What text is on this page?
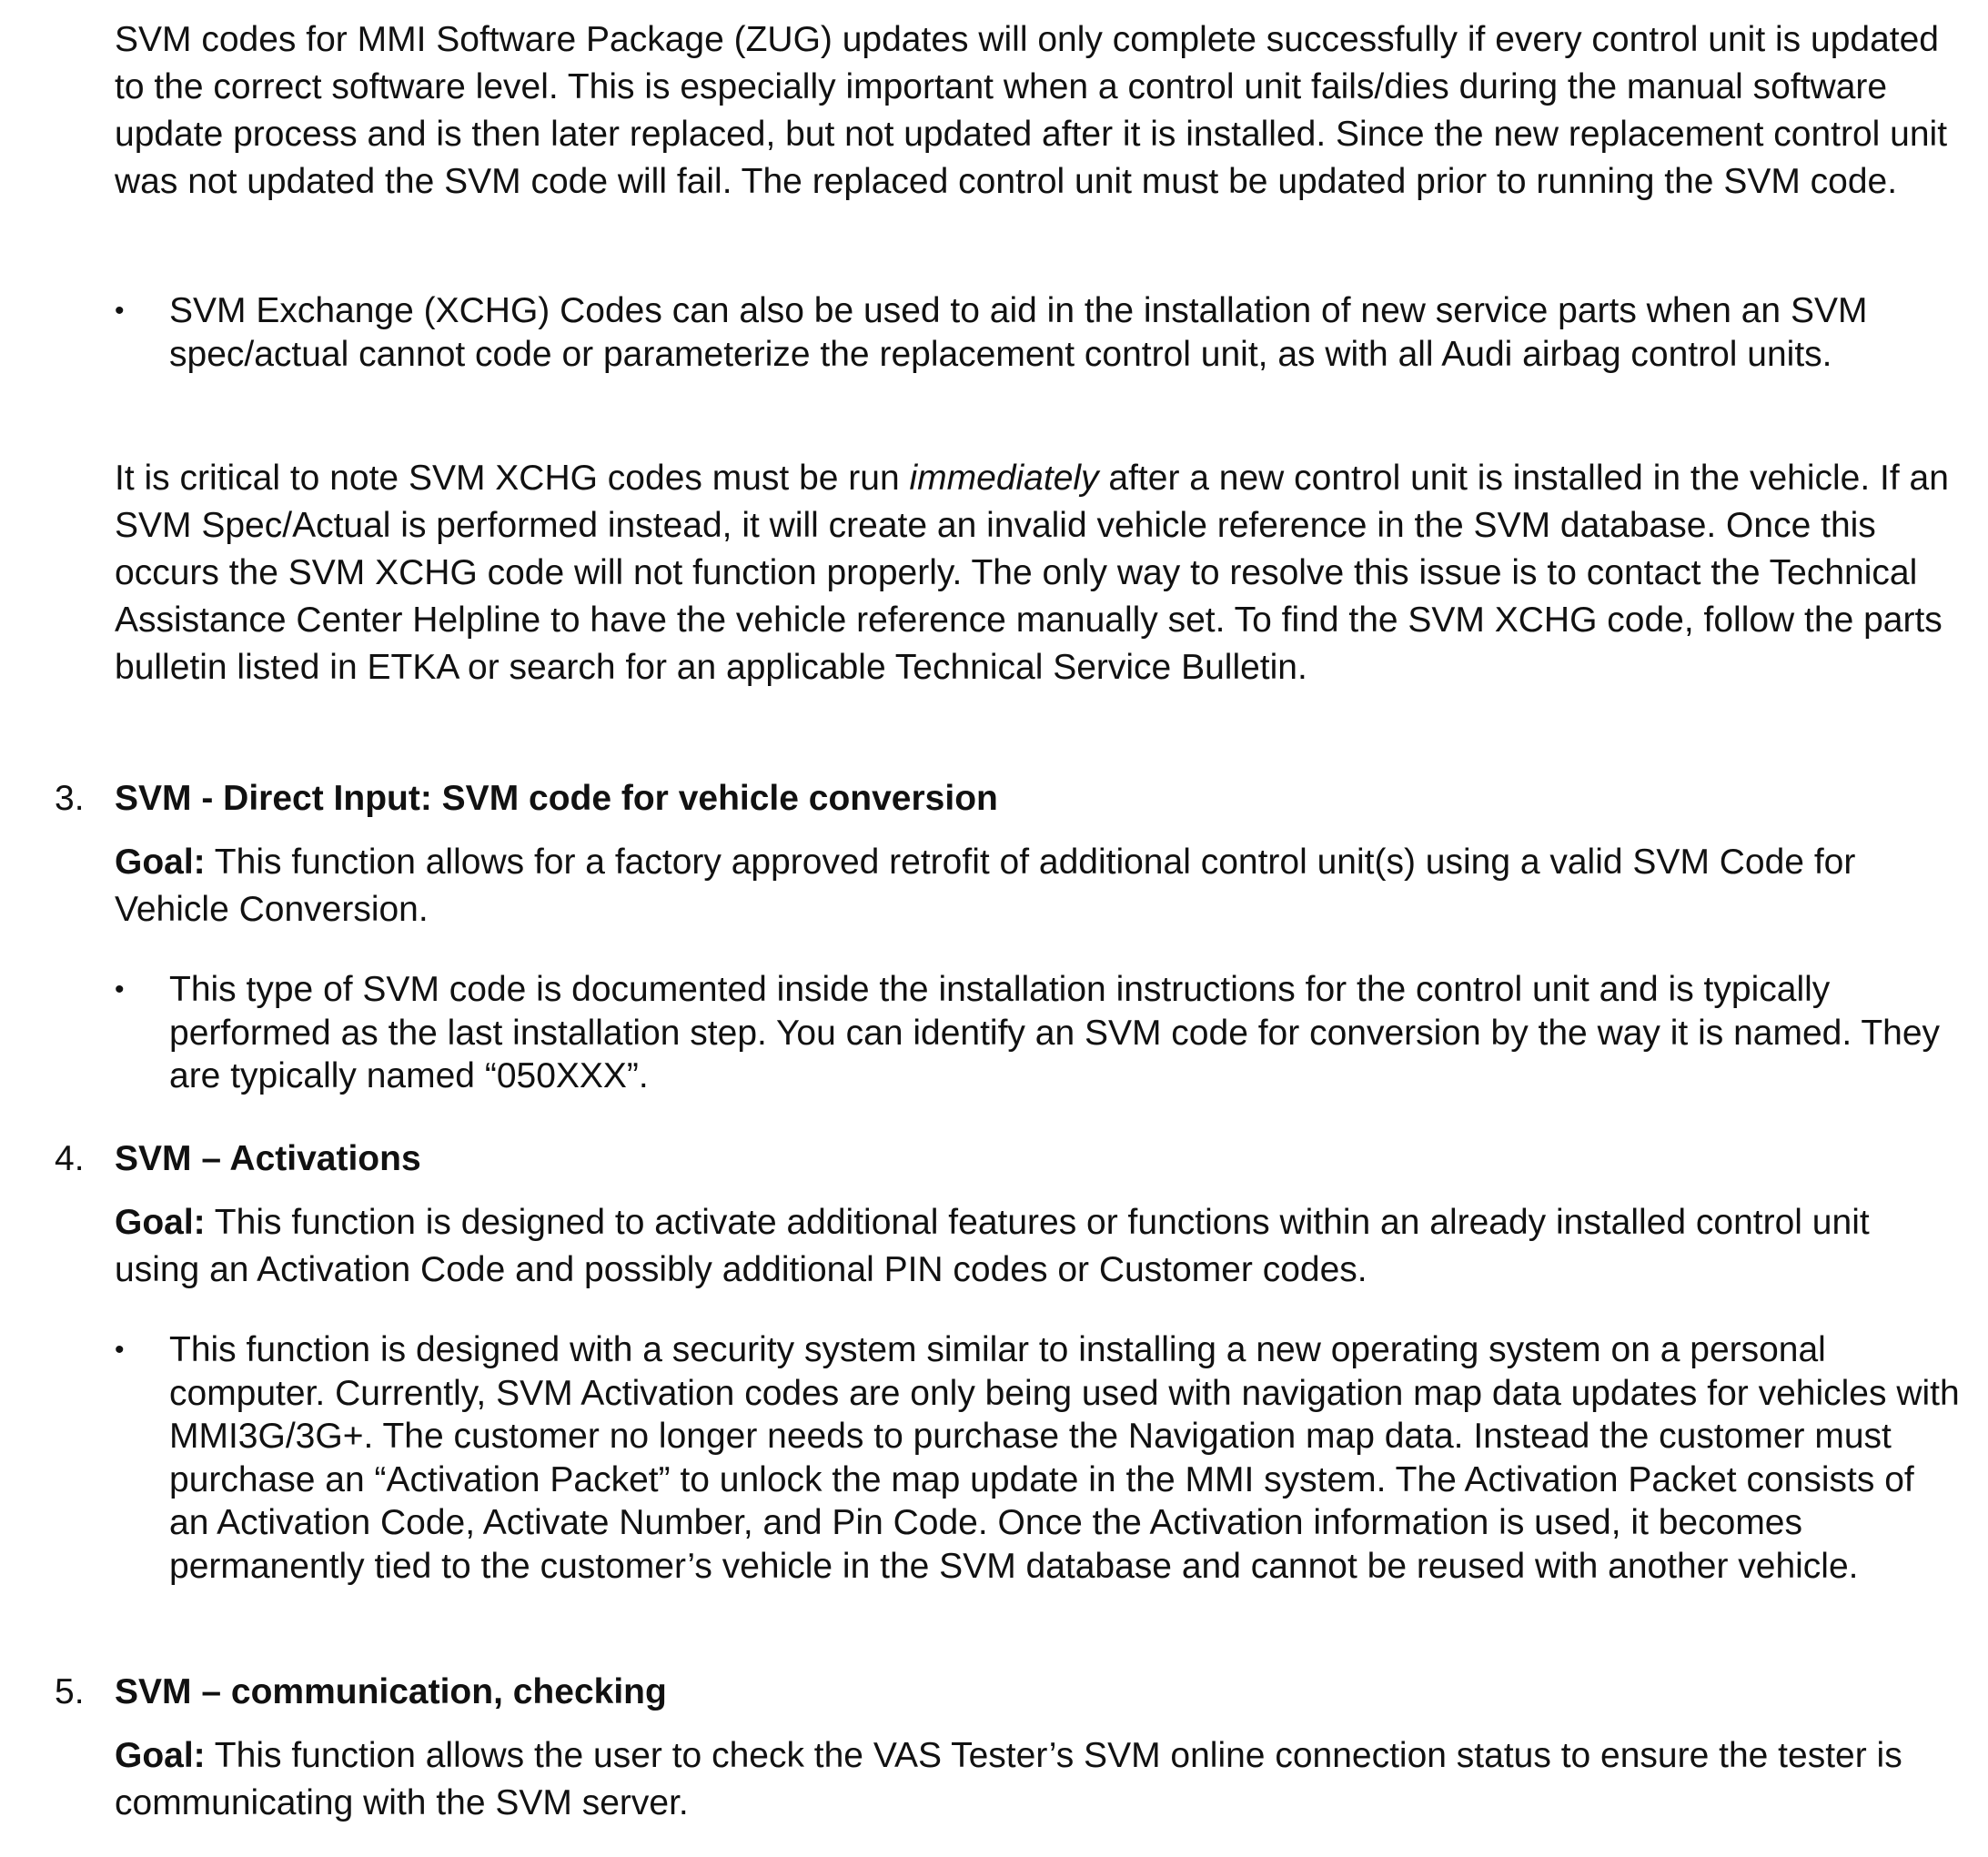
SVM codes for MMI Software Package (ZUG) updates will only complete successfully if every control unit is updated to the correct software level. This is especially important when a control unit fails/dies during the manual software update process and is then later replaced, but not updated after it is installed. Since the new replacement control unit was not updated the SVM code will fail. The replaced control unit must be updated prior to running the SVM code.

•	SVM Exchange (XCHG) Codes can also be used to aid in the installation of new service parts when an SVM spec/actual cannot code or parameterize the replacement control unit, as with all Audi airbag control units.

It is critical to note SVM XCHG codes must be run immediately after a new control unit is installed in the vehicle. If an SVM Spec/Actual is performed instead, it will create an invalid vehicle reference in the SVM database. Once this occurs the SVM XCHG code will not function properly. The only way to resolve this issue is to contact the Technical Assistance Center Helpline to have the vehicle reference manually set. To find the SVM XCHG code, follow the parts bulletin listed in ETKA or search for an applicable Technical Service Bulletin.

3. SVM - Direct Input: SVM code for vehicle conversion

Goal: This function allows for a factory approved retrofit of additional control unit(s) using a valid SVM Code for Vehicle Conversion.

•	This type of SVM code is documented inside the installation instructions for the control unit and is typically performed as the last installation step. You can identify an SVM code for conversion by the way it is named. They are typically named “050XXX”.
4. SVM – Activations

Goal: This function is designed to activate additional features or functions within an already installed control unit using an Activation Code and possibly additional PIN codes or Customer codes.

•	This function is designed with a security system similar to installing a new operating system on a personal computer. Currently, SVM Activation codes are only being used with navigation map data updates for vehicles with MMI3G/3G+. The customer no longer needs to purchase the Navigation map data. Instead the customer must purchase an “Activation Packet” to unlock the map update in the MMI system. The Activation Packet consists of an Activation Code, Activate Number, and Pin Code. Once the Activation information is used, it becomes permanently tied to the customer’s vehicle in the SVM database and cannot be reused with another vehicle.
5. SVM – communication, checking

Goal: This function allows the user to check the VAS Tester’s SVM online connection status to ensure the tester is communicating with the SVM server.
